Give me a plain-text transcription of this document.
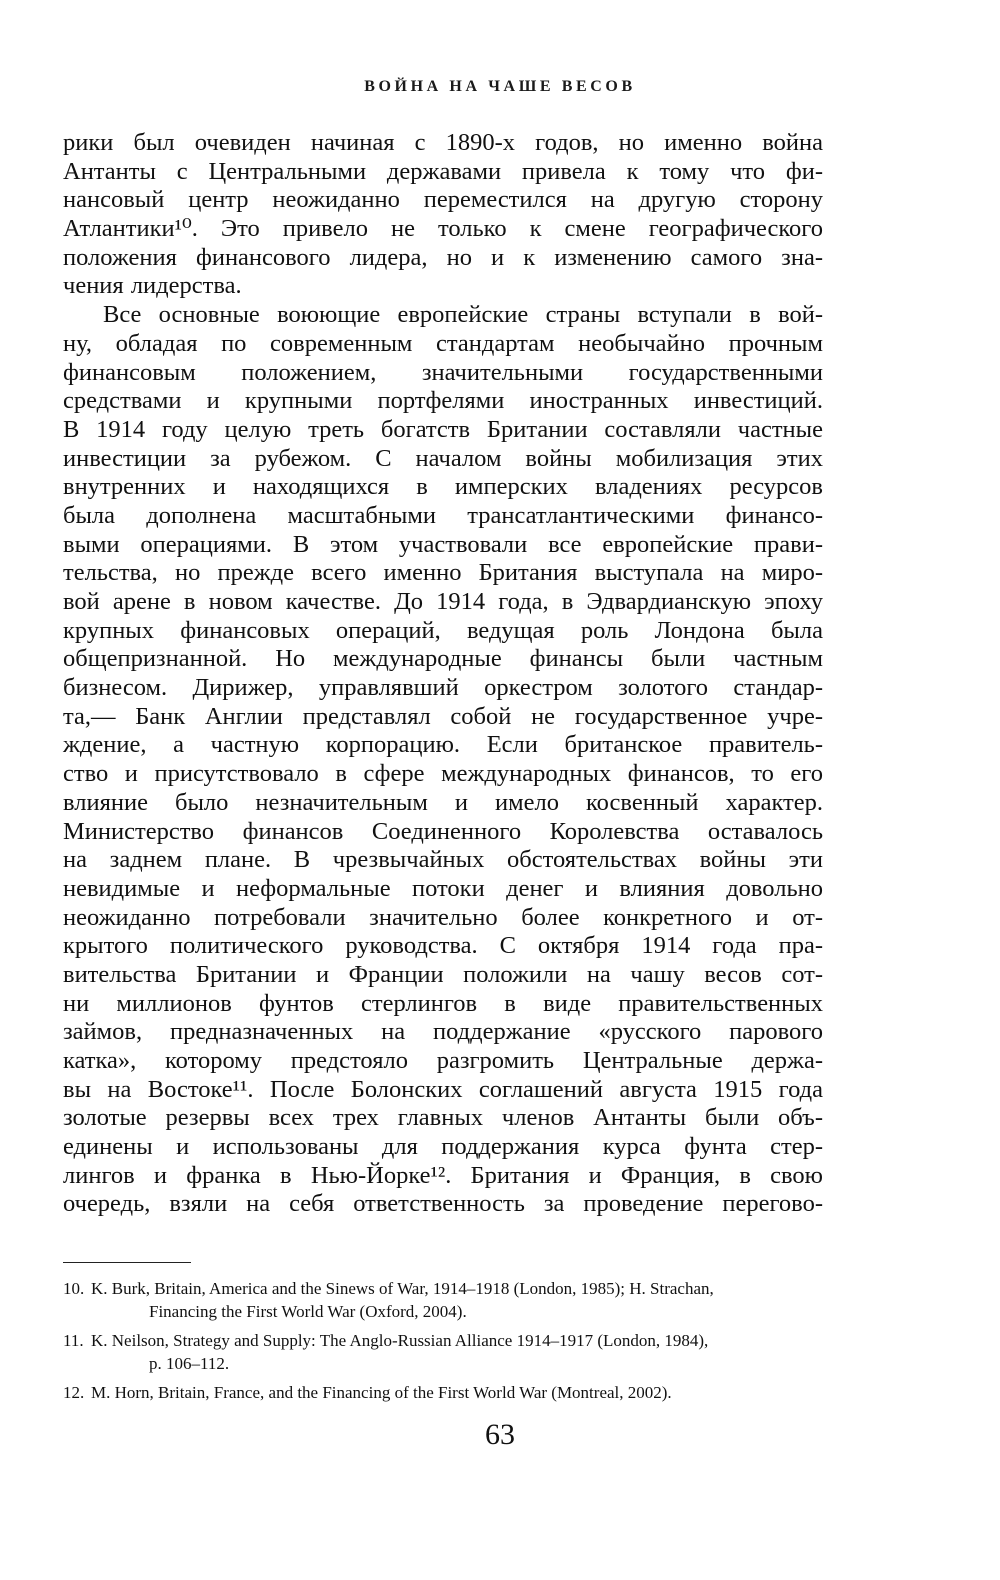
ВОЙНА НА ЧАШЕ ВЕСОВ
рики был очевиден начиная с 1890-х годов, но именно война
Антанты с Центральными державами привела к тому что фи-
нансовый центр неожиданно переместился на другую сторону
Атлантики¹⁰. Это привело не только к смене географического
положения финансового лидера, но и к изменению самого зна-
чения лидерства.
Все основные воюющие европейские страны вступали в вой-
ну, обладая по современным стандартам необычайно прочным
финансовым положением, значительными государственными
средствами и крупными портфелями иностранных инвестиций.
В 1914 году целую треть богатств Британии составляли частные
инвестиции за рубежом. С началом войны мобилизация этих
внутренних и находящихся в имперских владениях ресурсов
была дополнена масштабными трансатлантическими финансо-
выми операциями. В этом участвовали все европейские прави-
тельства, но прежде всего именно Британия выступала на миро-
вой арене в новом качестве. До 1914 года, в Эдвардианскую эпоху
крупных финансовых операций, ведущая роль Лондона была
общепризнанной. Но международные финансы были частным
бизнесом. Дирижер, управлявший оркестром золотого стандар-
та,— Банк Англии представлял собой не государственное учре-
ждение, а частную корпорацию. Если британское правитель-
ство и присутствовало в сфере международных финансов, то его
влияние было незначительным и имело косвенный характер.
Министерство финансов Соединенного Королевства оставалось
на заднем плане. В чрезвычайных обстоятельствах войны эти
невидимые и неформальные потоки денег и влияния довольно
неожиданно потребовали значительно более конкретного и от-
крытого политического руководства. С октября 1914 года пра-
вительства Британии и Франции положили на чашу весов сот-
ни миллионов фунтов стерлингов в виде правительственных
займов, предназначенных на поддержание «русского парового
катка», которому предстояло разгромить Центральные держа-
вы на Востоке¹¹. После Болонских соглашений августа 1915 года
золотые резервы всех трех главных членов Антанты были объ-
единены и использованы для поддержания курса фунта стер-
лингов и франка в Нью-Йорке¹². Британия и Франция, в свою
очередь, взяли на себя ответственность за проведение перегово-
10. K. Burk, Britain, America and the Sinews of War, 1914–1918 (London, 1985); H. Strachan,
Financing the First World War (Oxford, 2004).
11. K. Neilson, Strategy and Supply: The Anglo-Russian Alliance 1914–1917 (London, 1984),
p. 106–112.
12. M. Horn, Britain, France, and the Financing of the First World War (Montreal, 2002).
63
